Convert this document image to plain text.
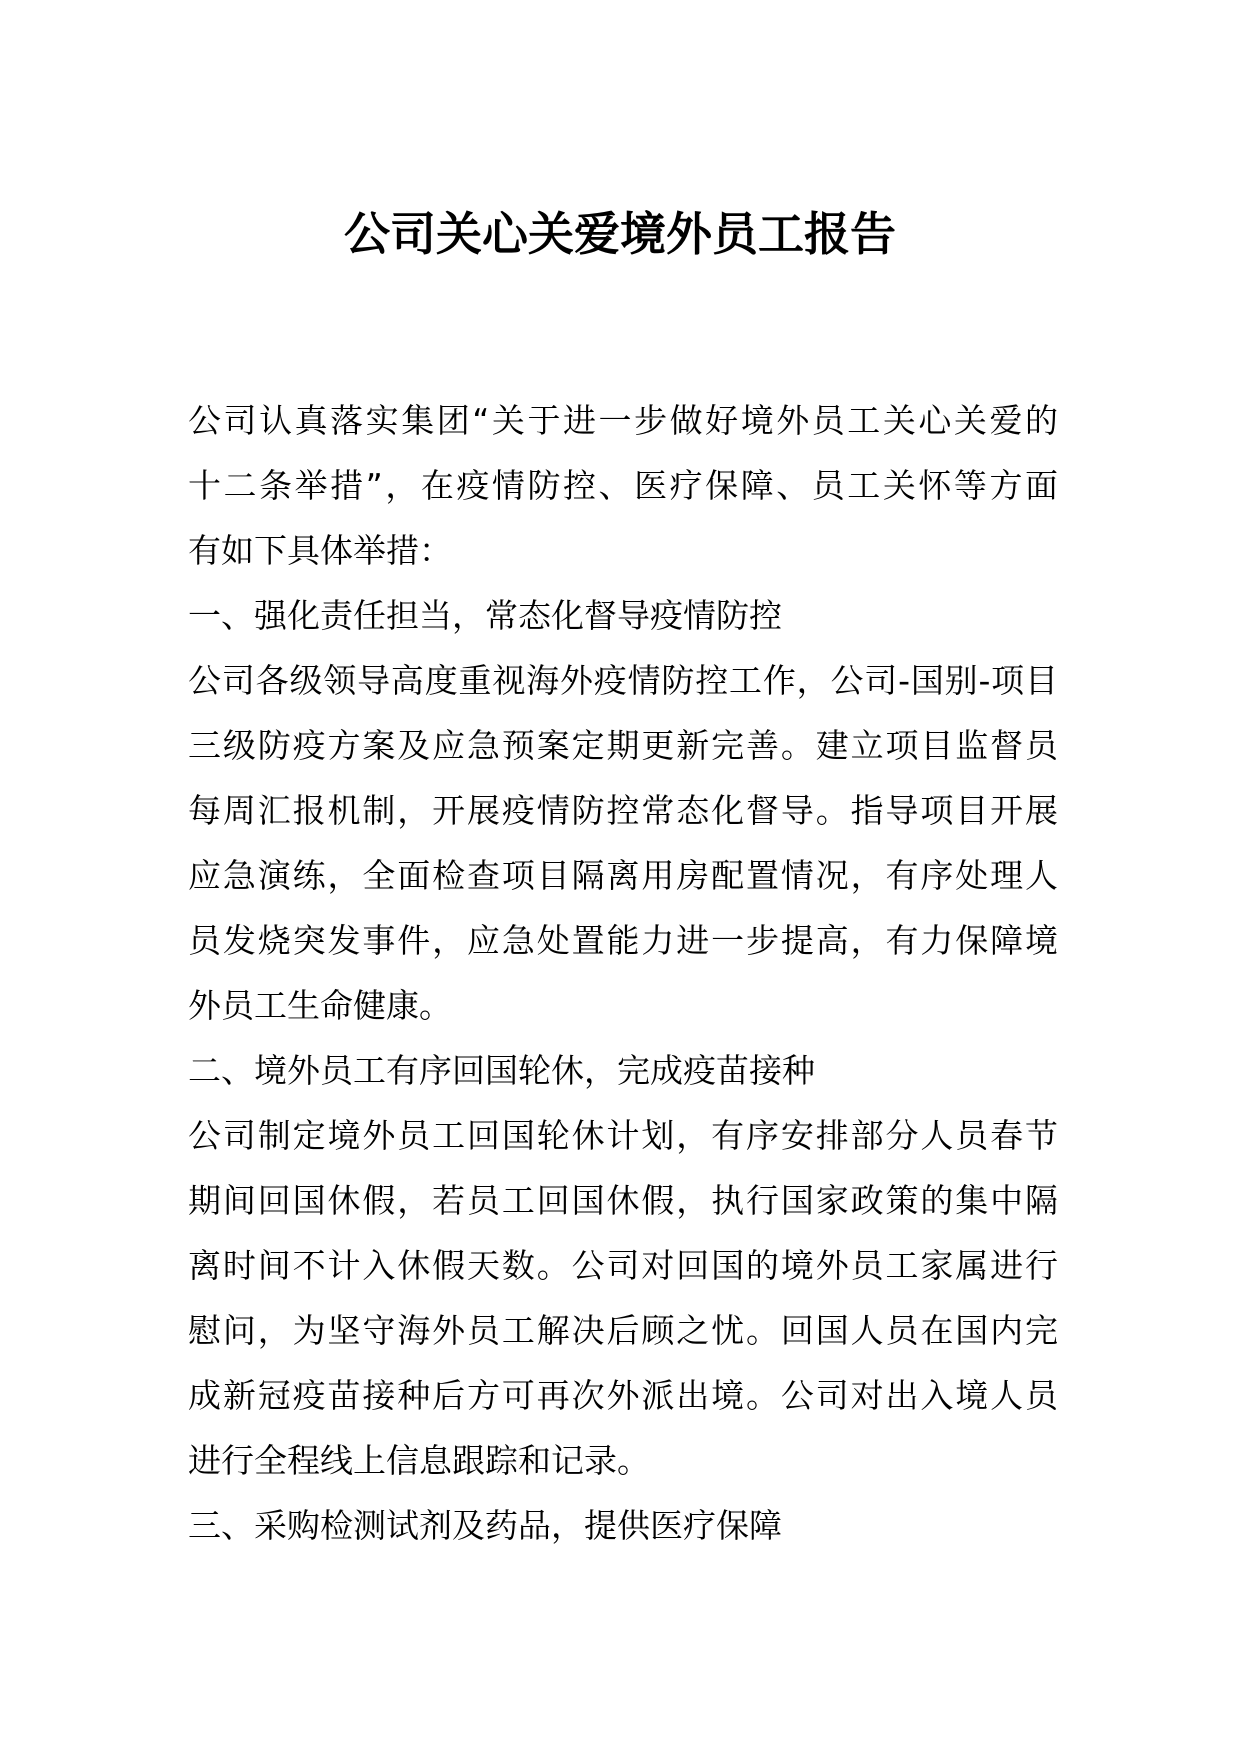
公司关心关爱境外员工报告
公司认真落实集团“关于进一步做好境外员工关心关爱的
十二条举措”，在疫情防控、医疗保障、员工关怀等方面
有如下具体举措：
一、强化责任担当，常态化督导疫情防控
公司各级领导高度重视海外疫情防控工作，公司-国别-项目
三级防疫方案及应急预案定期更新完善。建立项目监督员
每周汇报机制，开展疫情防控常态化督导。指导项目开展
应急演练，全面检查项目隔离用房配置情况，有序处理人
员发烧突发事件，应急处置能力进一步提高，有力保障境
外员工生命健康。
二、境外员工有序回国轮休，完成疫苗接种
公司制定境外员工回国轮休计划，有序安排部分人员春节
期间回国休假，若员工回国休假，执行国家政策的集中隔
离时间不计入休假天数。公司对回国的境外员工家属进行
慰问，为坚守海外员工解决后顾之忧。回国人员在国内完
成新冠疫苗接种后方可再次外派出境。公司对出入境人员
进行全程线上信息跟踪和记录。
三、采购检测试剂及药品，提供医疗保障
